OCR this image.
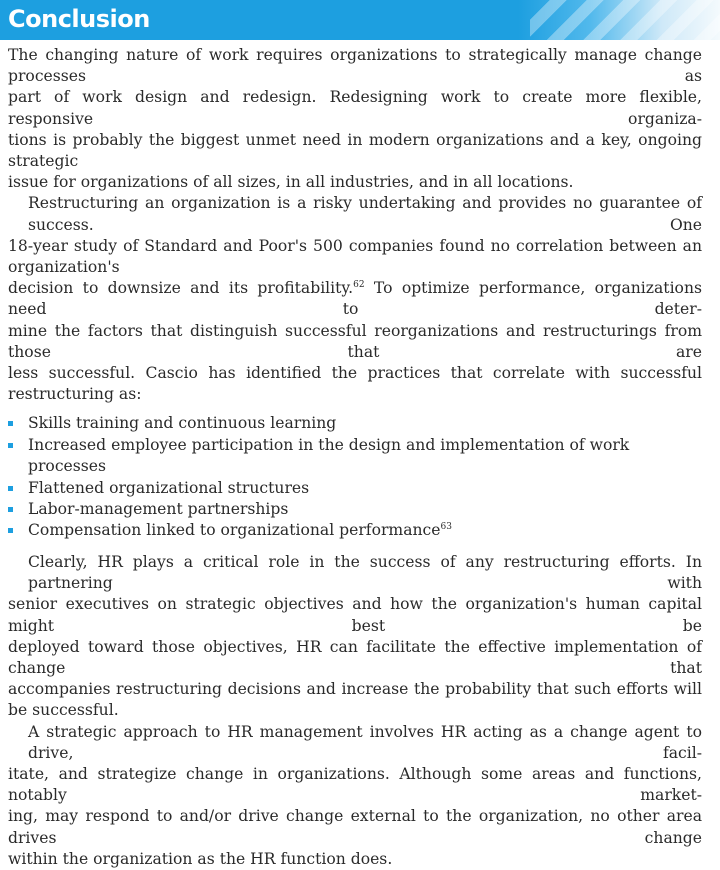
Conclusion

The changing nature of work requires organizations to strategically manage change processes as
part of work design and redesign. Redesigning work to create more flexible, responsive organiza-
tions is probably the biggest unmet need in modern organizations and a key, ongoing strategic
issue for organizations of all sizes, in all industries, and in all locations.

Restructuring an organization is a risky undertaking and provides no guarantee of success. One
18-year study of Standard and Poor's 500 companies found no correlation between an organization's
decision to downsize and its profitability.$^{62}$ To optimize performance, organizations need to deter-
mine the factors that distinguish successful reorganizations and restructurings from those that are
less successful. Cascio has identified the practices that correlate with successful restructuring as:

Skills training and continuous learning
Increased employee participation in the design and implementation of work processes
Flattened organizational structures
Labor-management partnerships
Compensation linked to organizational performance$^{63}$

Clearly, HR plays a critical role in the success of any restructuring efforts. In partnering with
senior executives on strategic objectives and how the organization's human capital might best be
deployed toward those objectives, HR can facilitate the effective implementation of change that
accompanies restructuring decisions and increase the probability that such efforts will be successful.

A strategic approach to HR management involves HR acting as a change agent to drive, facil-
itate, and strategize change in organizations. Although some areas and functions, notably market-
ing, may respond to and/or drive change external to the organization, no other area drives change
within the organization as the HR function does.
